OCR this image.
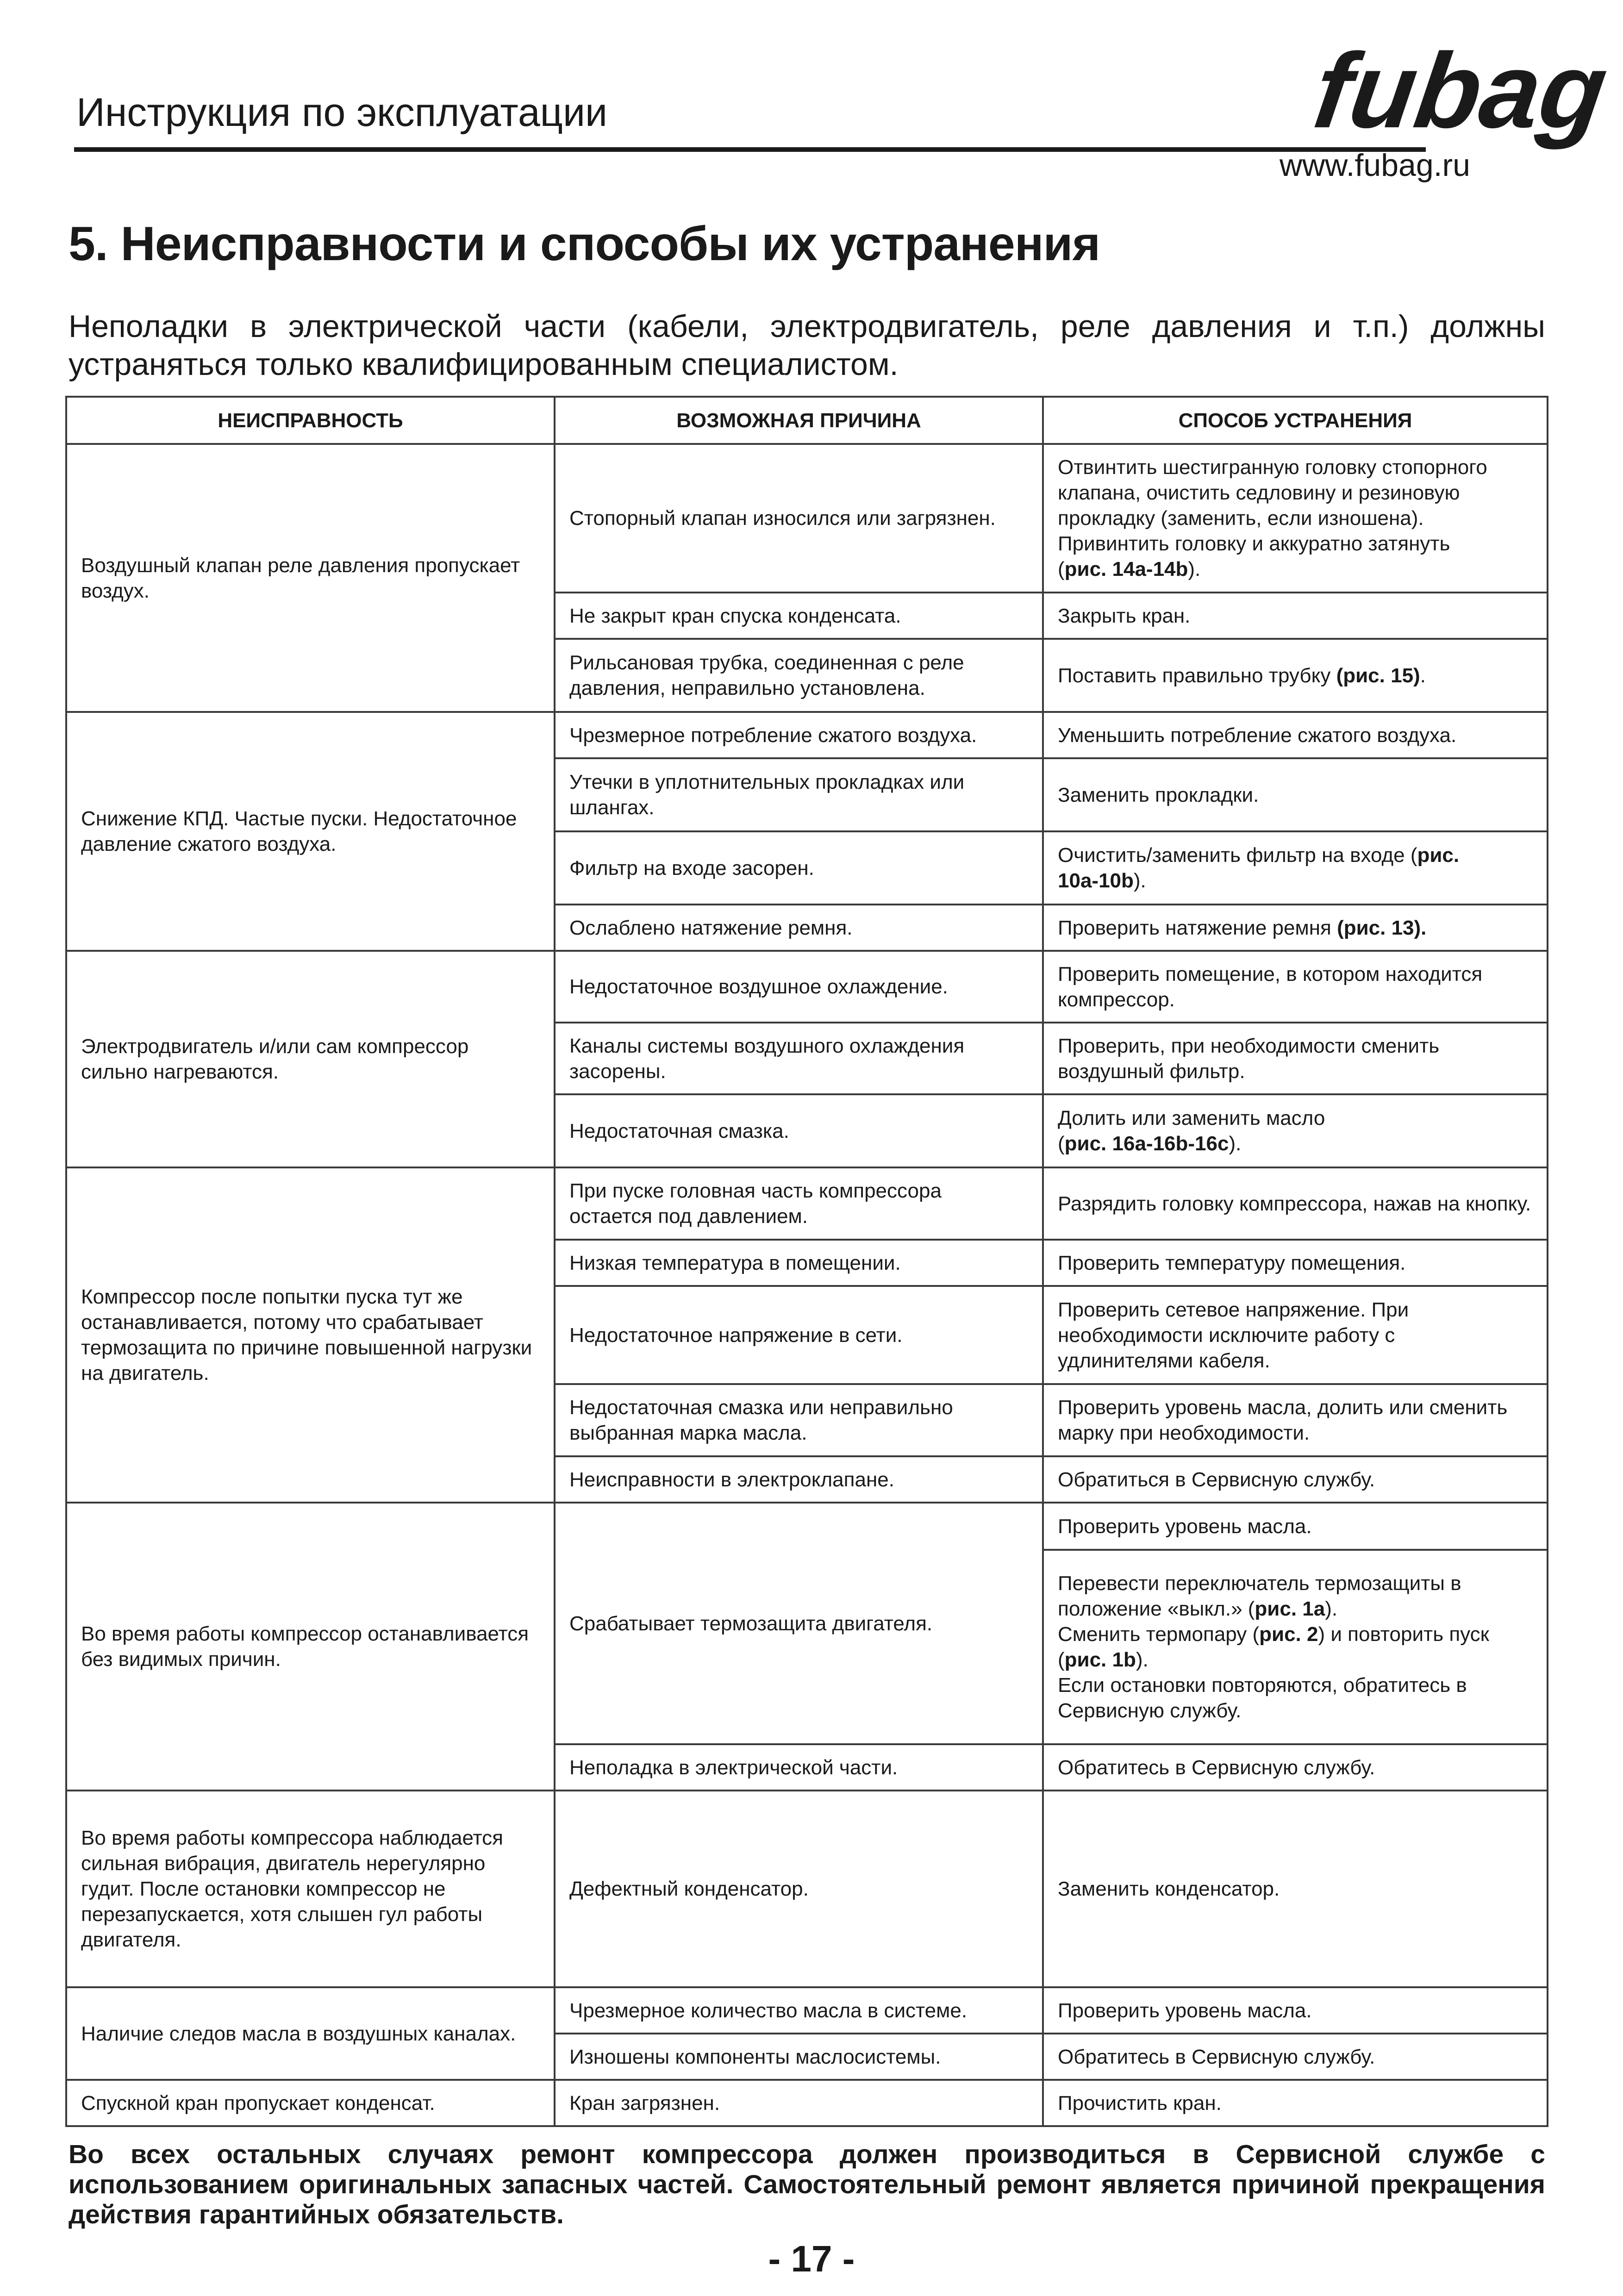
Инструкция по эксплуатации
www.fubag.ru
fubag
5. Неисправности и способы их устранения
Неполадки в электрической части (кабели, электродвигатель, реле давления и т.п.) должны устраняться только квалифицированным специалистом.
НЕИСПРАВНОСТЬ	ВОЗМОЖНАЯ ПРИЧИНА	СПОСОБ УСТРАНЕНИЯ
Воздушный клапан реле давления пропускает воздух.	Стопорный клапан износился или загрязнен.	Отвинтить шестигранную головку стопорного клапана, очистить седловину и резиновую прокладку (заменить, если изношена). Привинтить головку и аккуратно затянуть
(рис. 14а-14b).
	Не закрыт кран спуска конденсата.	Закрыть кран.
	Рильсановая трубка, соединенная с реле давления, неправильно установлена.	Поставить правильно трубку (рис. 15).
Снижение КПД. Частые пуски. Недостаточное давление сжатого воздуха.	Чрезмерное потребление сжатого воздуха.	Уменьшить потребление сжатого воздуха.
	Утечки в уплотнительных прокладках или шлангах.	Заменить прокладки.
	Фильтр на входе засорен.	Очистить/заменить фильтр на входе (рис. 10а-10b).
	Ослаблено натяжение ремня.	Проверить натяжение ремня (рис. 13).
Электродвигатель и/или сам компрессор сильно нагреваются.	Недостаточное воздушное охлаждение.	Проверить помещение, в котором находится компрессор.
	Каналы системы воздушного охлаждения засорены.	Проверить, при необходимости сменить воздушный фильтр.
	Недостаточная смазка.	Долить или заменить масло
(рис. 16а-16b-16c).
Компрессор после попытки пуска тут же останавливается, потому что срабатывает термозащита по причине повышенной нагрузки на двигатель.	При пуске головная часть компрессора остается под давлением.	Разрядить головку компрессора, нажав на кнопку.
	Низкая температура в помещении.	Проверить температуру помещения.
	Недостаточное напряжение в сети.	Проверить сетевое напряжение. При необходимости исключите работу с удлинителями кабеля.
	Недостаточная смазка или неправильно выбранная марка масла.	Проверить уровень масла, долить или сменить марку при необходимости.
	Неисправности в электроклапане.	Обратиться в Сервисную службу.
Во время работы компрессор останавливается без видимых причин.	Срабатывает термозащита двигателя.	Проверить уровень масла.
		Перевести переключатель термозащиты в положение «выкл.» (рис. 1а).
Сменить термопару (рис. 2) и повторить пуск (рис. 1b).
Если остановки повторяются, обратитесь в Сервисную службу.
	Неполадка в электрической части.	Обратитесь в Сервисную службу.
Во время работы компрессора наблюдается сильная вибрация, двигатель нерегулярно гудит. После остановки компрессор не перезапускается, хотя слышен гул работы двигателя.	Дефектный конденсатор.	Заменить конденсатор.
Наличие следов масла в воздушных каналах.	Чрезмерное количество масла в системе.	Проверить уровень масла.
	Изношены компоненты маслосистемы.	Обратитесь в Сервисную службу.
Спускной кран пропускает конденсат.	Кран загрязнен.	Прочистить кран.
Во всех остальных случаях ремонт компрессора должен производиться в Сервисной службе с использованием оригинальных запасных частей. Самостоятельный ремонт является причиной прекращения действия гарантийных обязательств.
- 17 -
